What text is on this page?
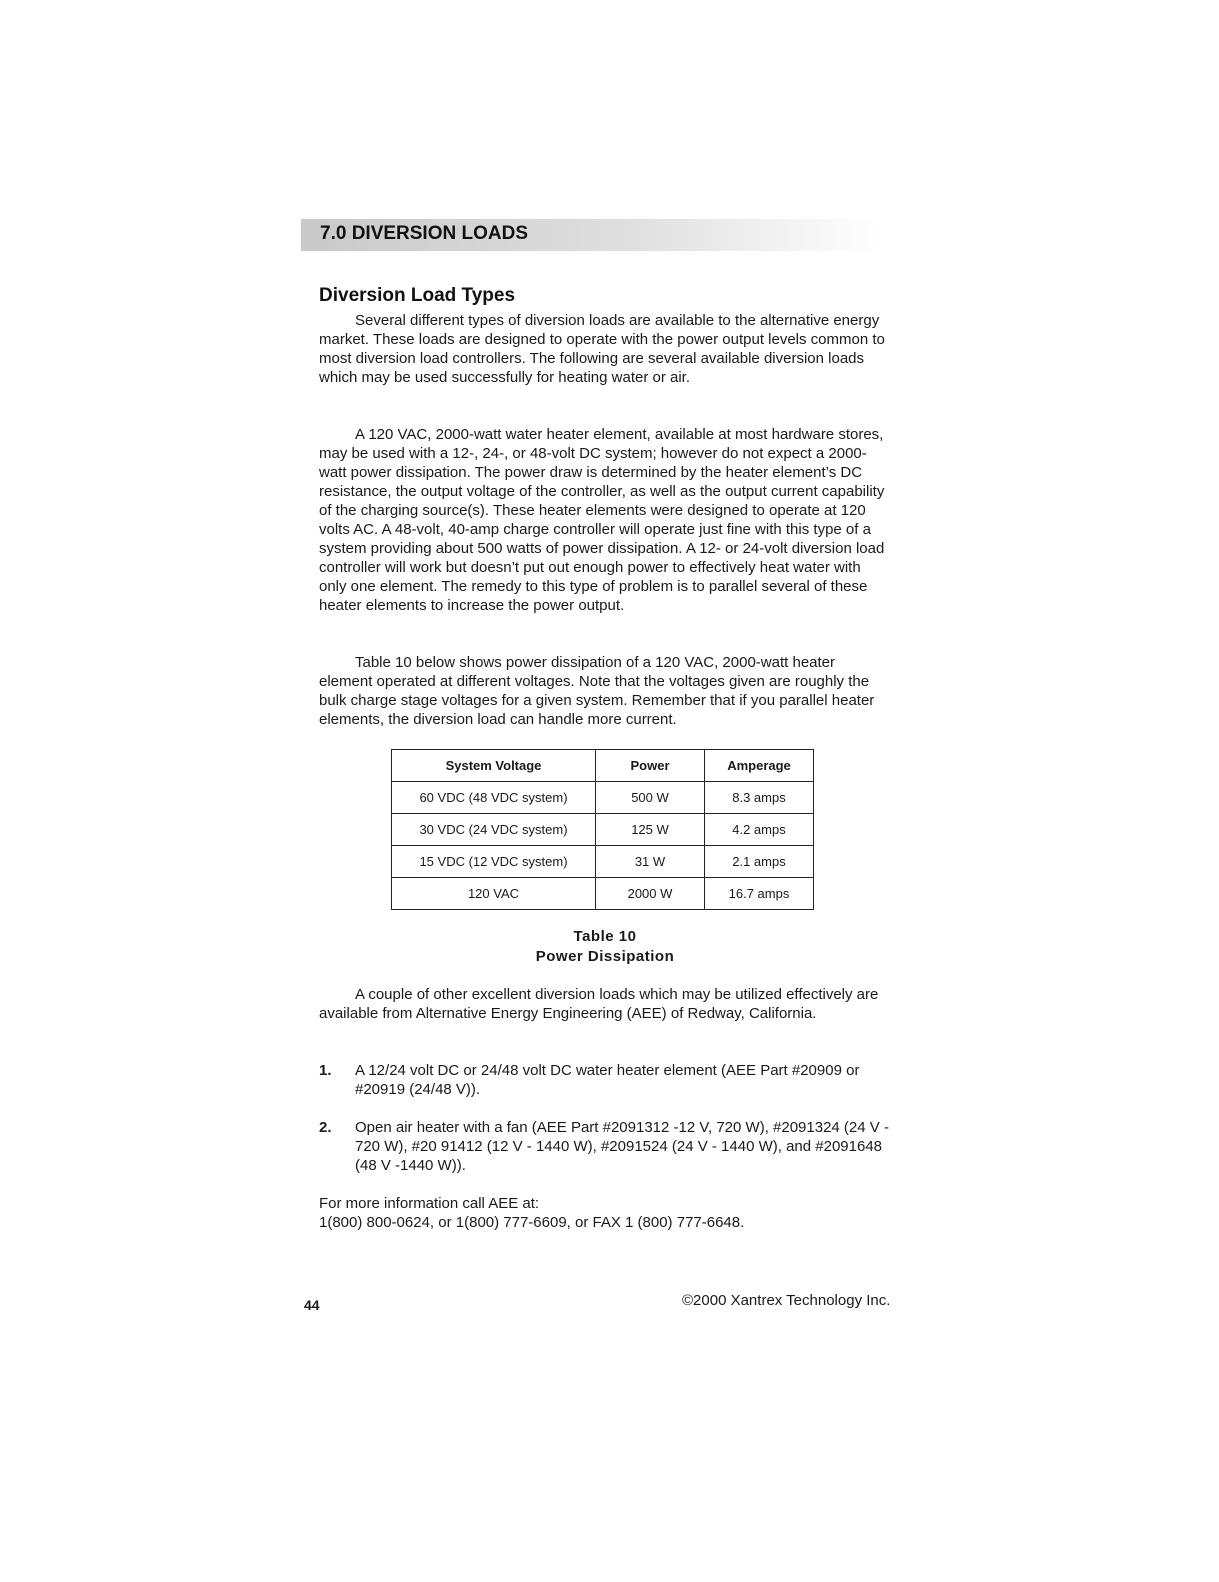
7.0 DIVERSION LOADS
Diversion Load Types

Several different types of diversion loads are available to the alternative energy market. These loads are designed to operate with the power output levels common to most diversion load controllers. The following are several available diversion loads which may be used successfully for heating water or air.

A 120 VAC, 2000-watt water heater element, available at most hardware stores, may be used with a 12-, 24-, or 48-volt DC system; however do not expect a 2000-watt power dissipation. The power draw is determined by the heater element’s DC resistance, the output voltage of the controller, as well as the output current capability of the charging source(s). These heater elements were designed to operate at 120 volts AC. A 48-volt, 40-amp charge controller will operate just fine with this type of a system providing about 500 watts of power dissipation. A 12- or 24-volt diversion load controller will work but doesn’t put out enough power to effectively heat water with only one element. The remedy to this type of problem is to parallel several of these heater elements to increase the power output.

Table 10 below shows power dissipation of a 120 VAC, 2000-watt heater element operated at different voltages. Note that the voltages given are roughly the bulk charge stage voltages for a given system. Remember that if you parallel heater elements, the diversion load can handle more current.

System Voltage	Power	Amperage
60 VDC (48 VDC system)	500 W	8.3 amps
30 VDC (24 VDC system)	125 W	4.2 amps
15 VDC (12 VDC system)	31 W	2.1 amps
120 VAC	2000 W	16.7 amps

Table 10

Power Dissipation

A couple of other excellent diversion loads which may be utilized effectively are available from Alternative Energy Engineering (AEE) of Redway, California.

1. A 12/24 volt DC or 24/48 volt DC water heater element (AEE Part #20909 or #20919 (24/48 V)).
2. Open air heater with a fan (AEE Part #2091312 -12 V, 720 W), #2091324 (24 V - 720 W), #20 91412 (12 V - 1440 W), #2091524 (24 V - 1440 W), and #2091648 (48 V -1440 W)).

For more information call AEE at:

1(800) 800-0624, or 1(800) 777-6609, or FAX 1 (800) 777-6648.

44	©2000 Xantrex Technology Inc.
